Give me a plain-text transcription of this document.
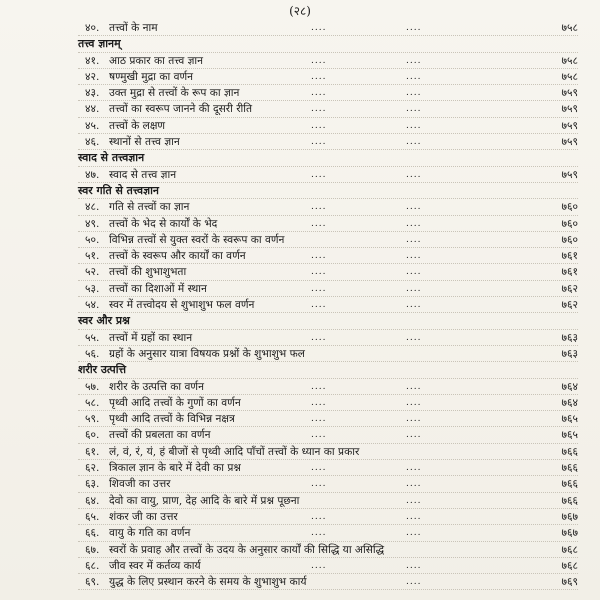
(२८)
४०. तत्त्वों के नाम	....	....	७५८
तत्त्व ज्ञानम्
४१. आठ प्रकार का तत्त्व ज्ञान	....	....	७५८
४२. षण्मुखी मुद्रा का वर्णन	....	....	७५८
४३. उक्त मुद्रा से तत्त्वों के रूप का ज्ञान	....	....	७५९
४४. तत्त्वों का स्वरूप जानने की दूसरी रीति	....	....	७५९
४५. तत्त्वों के लक्षण	....	....	७५९
४६. स्थानों से तत्त्व ज्ञान	....	....	७५९
स्वाद से तत्त्वज्ञान
४७. स्वाद से तत्त्व ज्ञान	....	....	७५९
स्वर गति से तत्त्वज्ञान
४८. गति से तत्त्वों का ज्ञान	....	....	७६०
४९. तत्त्वों के भेद से कार्यों के भेद	....	....	७६०
५०. विभिन्न तत्त्वों से युक्त स्वरों के स्वरूप का वर्णन	....	७६०
५१. तत्त्वों के स्वरूप और कार्यों का वर्णन	....	....	७६१
५२. तत्त्वों की शुभाशुभता	....	....	७६१
५३. तत्त्वों का दिशाओं में स्थान	....	....	७६२
५४. स्वर में तत्त्वोदय से शुभाशुभ फल वर्णन	....	....	७६२
स्वर और प्रश्न
५५. तत्त्वों में ग्रहों का स्थान	....	....	७६३
५६. ग्रहों के अनुसार यात्रा विषयक प्रश्नों के शुभाशुभ फल	७६३
शरीर उत्पत्ति
५७. शरीर के उत्पत्ति का वर्णन	....	....	७६४
५८. पृथ्वी आदि तत्त्वों के गुणों का वर्णन	....	....	७६४
५९. पृथ्वी आदि तत्त्वों के विभिन्न नक्षत्र	....	....	७६५
६०. तत्त्वों की प्रबलता का वर्णन	....	....	७६५
६१. लं, वं, रं, यं, हं बीजों से पृथ्वी आदि पाँचों तत्त्वों के ध्यान का प्रकार	७६६
६२. त्रिकाल ज्ञान के बारे में देवी का प्रश्न	....	....	७६६
६३. शिवजी का उत्तर	....	....	७६६
६४. देवो का वायु, प्राण, देह आदि के बारे में प्रश्न पूछना	....	७६६
६५. शंकर जी का उत्तर	....	....	७६७
६६. वायु के गति का वर्णन	....	....	७६७
६७. स्वरों के प्रवाह और तत्त्वों के उदय के अनुसार कार्यों की सिद्धि या असिद्धि	७६८
६८. जीव स्वर में कर्तव्य कार्य	....	....	७६८
६९. युद्ध के लिए प्रस्थान करने के समय के शुभाशुभ कार्य	....	७६९
